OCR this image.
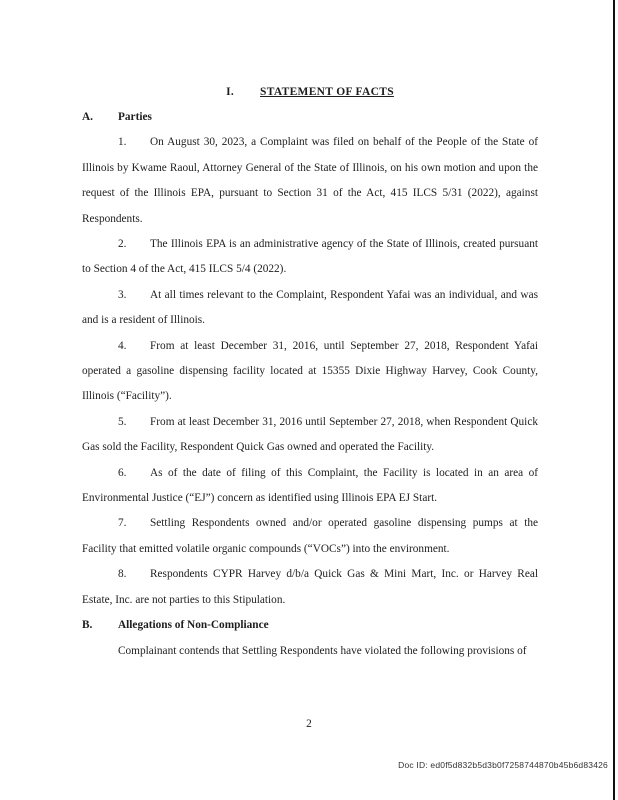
I. STATEMENT OF FACTS
A.	Parties

1. On August 30, 2023, a Complaint was filed on behalf of the People of the State of Illinois by Kwame Raoul, Attorney General of the State of Illinois, on his own motion and upon the request of the Illinois EPA, pursuant to Section 31 of the Act, 415 ILCS 5/31 (2022), against Respondents.

2. The Illinois EPA is an administrative agency of the State of Illinois, created pursuant to Section 4 of the Act, 415 ILCS 5/4 (2022).

3. At all times relevant to the Complaint, Respondent Yafai was an individual, and was and is a resident of Illinois.

4. From at least December 31, 2016, until September 27, 2018, Respondent Yafai operated a gasoline dispensing facility located at 15355 Dixie Highway Harvey, Cook County, Illinois (“Facility”).

5. From at least December 31, 2016 until September 27, 2018, when Respondent Quick Gas sold the Facility, Respondent Quick Gas owned and operated the Facility.

6. As of the date of filing of this Complaint, the Facility is located in an area of Environmental Justice (“EJ”) concern as identified using Illinois EPA EJ Start.

7. Settling Respondents owned and/or operated gasoline dispensing pumps at the Facility that emitted volatile organic compounds (“VOCs”) into the environment.

8. Respondents CYPR Harvey d/b/a Quick Gas & Mini Mart, Inc. or Harvey Real Estate, Inc. are not parties to this Stipulation.

B.	Allegations of Non-Compliance

Complainant contends that Settling Respondents have violated the following provisions of

2
Doc ID: ed0f5d832b5d3b0f7258744870b45b6d83426
